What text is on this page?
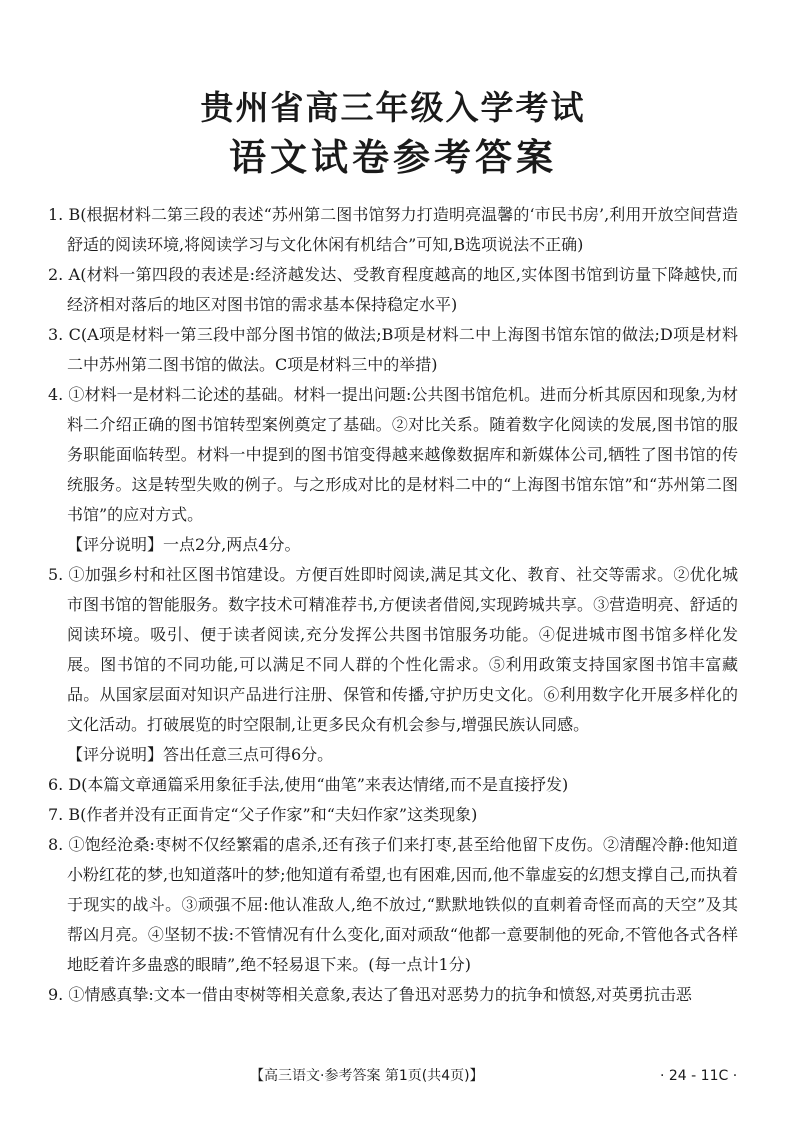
贵州省高三年级入学考试
语文试卷参考答案

1. B(根据材料二第三段的表述“苏州第二图书馆努力打造明亮温馨的‘市民书房’,利用开放空间营造舒适的阅读环境,将阅读学习与文化休闲有机结合”可知,B选项说法不正确)

2. A(材料一第四段的表述是:经济越发达、受教育程度越高的地区,实体图书馆到访量下降越快,而经济相对落后的地区对图书馆的需求基本保持稳定水平)

3. C(A项是材料一第三段中部分图书馆的做法;B项是材料二中上海图书馆东馆的做法;D项是材料二中苏州第二图书馆的做法。C项是材料三中的举措)

4. ①材料一是材料二论述的基础。材料一提出问题:公共图书馆危机。进而分析其原因和现象,为材料二介绍正确的图书馆转型案例奠定了基础。②对比关系。随着数字化阅读的发展,图书馆的服务职能面临转型。材料一中提到的图书馆变得越来越像数据库和新媒体公司,牺牲了图书馆的传统服务。这是转型失败的例子。与之形成对比的是材料二中的“上海图书馆东馆”和“苏州第二图书馆”的应对方式。

【评分说明】一点2分,两点4分。

5. ①加强乡村和社区图书馆建设。方便百姓即时阅读,满足其文化、教育、社交等需求。②优化城市图书馆的智能服务。数字技术可精准荐书,方便读者借阅,实现跨城共享。③营造明亮、舒适的阅读环境。吸引、便于读者阅读,充分发挥公共图书馆服务功能。④促进城市图书馆多样化发展。图书馆的不同功能,可以满足不同人群的个性化需求。⑤利用政策支持国家图书馆丰富藏品。从国家层面对知识产品进行注册、保管和传播,守护历史文化。⑥利用数字化开展多样化的文化活动。打破展览的时空限制,让更多民众有机会参与,增强民族认同感。

【评分说明】答出任意三点可得6分。

6. D(本篇文章通篇采用象征手法,使用“曲笔”来表达情绪,而不是直接抒发)

7. B(作者并没有正面肯定“父子作家”和“夫妇作家”这类现象)

8. ①饱经沧桑:枣树不仅经繁霜的虐杀,还有孩子们来打枣,甚至给他留下皮伤。②清醒冷静:他知道小粉红花的梦,也知道落叶的梦;他知道有希望,也有困难,因而,他不靠虚妄的幻想支撑自己,而执着于现实的战斗。③顽强不屈:他认准敌人,绝不放过,“默默地铁似的直刺着奇怪而高的天空”及其帮凶月亮。④坚韧不拔:不管情况有什么变化,面对顽敌“他都一意要制他的死命,不管他各式各样地眨着许多蛊惑的眼睛”,绝不轻易退下来。(每一点计1分)

9. ①情感真挚:文本一借由枣树等相关意象,表达了鲁迅对恶势力的抗争和愤怒,对英勇抗击恶

【高三语文·参考答案 第1页(共4页)】	· 24 - 11C ·
